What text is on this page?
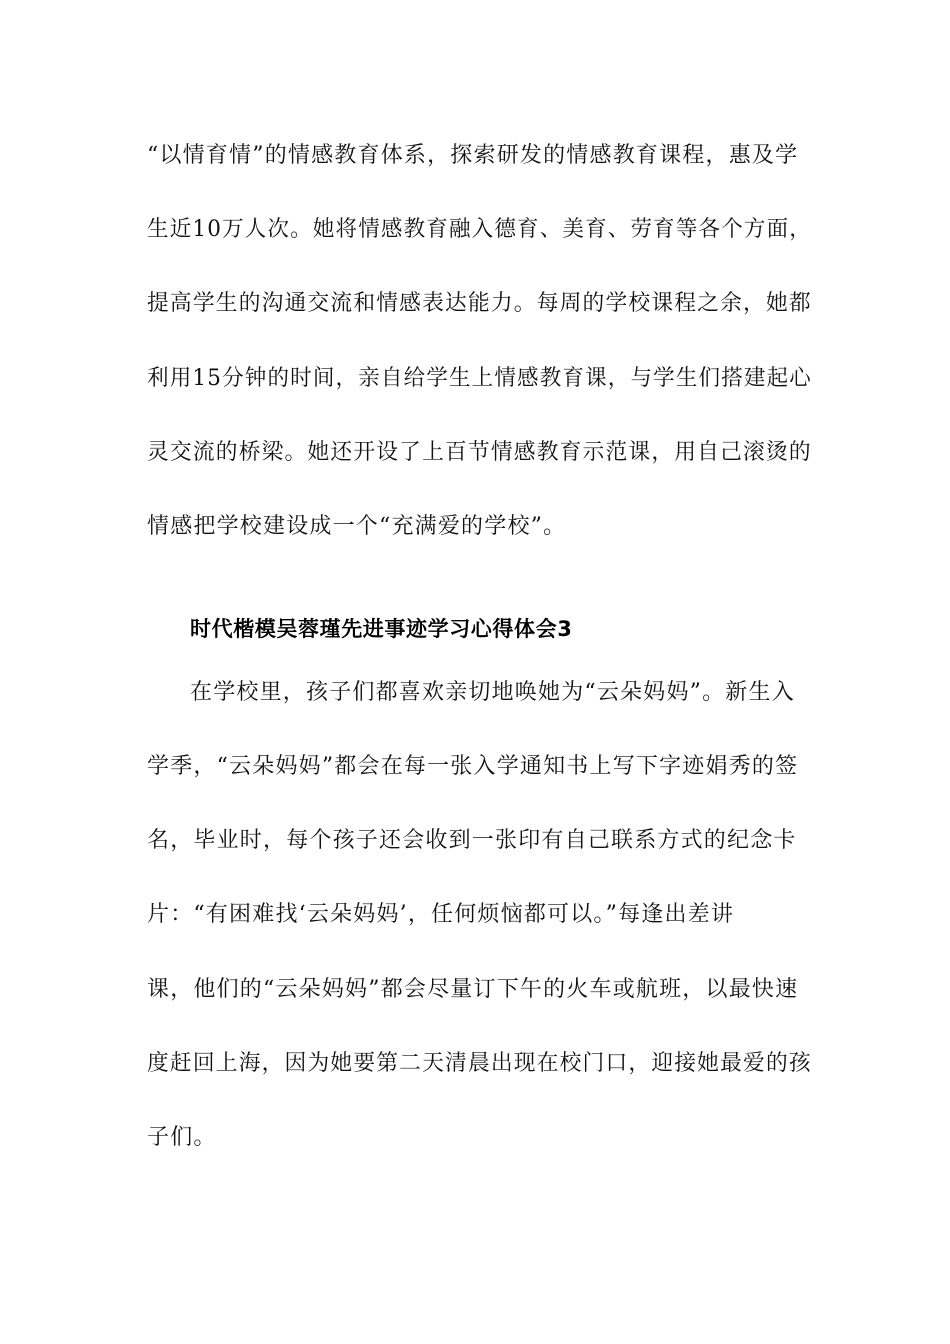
“以情育情”的情感教育体系，探索研发的情感教育课程，惠及学
生近10万人次。她将情感教育融入德育、美育、劳育等各个方面，
提高学生的沟通交流和情感表达能力。每周的学校课程之余，她都
利用15分钟的时间，亲自给学生上情感教育课，与学生们搭建起心
灵交流的桥梁。她还开设了上百节情感教育示范课，用自己滚烫的
情感把学校建设成一个“充满爱的学校”。
时代楷模吴蓉瑾先进事迹学习心得体会3
在学校里，孩子们都喜欢亲切地唤她为“云朵妈妈”。新生入
学季，“云朵妈妈”都会在每一张入学通知书上写下字迹娟秀的签
名，毕业时，每个孩子还会收到一张印有自己联系方式的纪念卡
片：“有困难找‘云朵妈妈’，任何烦恼都可以。”每逢出差讲
课，他们的“云朵妈妈”都会尽量订下午的火车或航班，以最快速
度赶回上海，因为她要第二天清晨出现在校门口，迎接她最爱的孩
子们。
